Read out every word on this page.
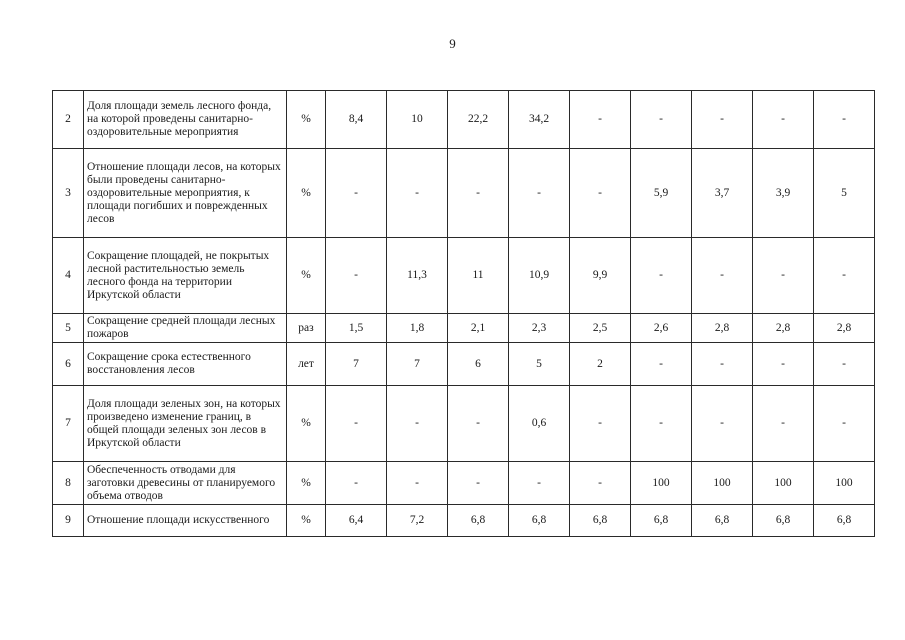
9
2	Доля площади земель лесного фонда, на которой проведены санитарно-оздоровительные мероприятия	%	8,4	10	22,2	34,2	-	-	-	-	-
3	Отношение площади лесов, на которых были проведены санитарно-оздоровительные мероприятия, к площади погибших и поврежденных лесов	%	-	-	-	-	-	5,9	3,7	3,9	5
4	Сокращение площадей, не покрытых лесной растительностью земель лесного фонда на территории Иркутской области	%	-	11,3	11	10,9	9,9	-	-	-	-
5	Сокращение средней площади лесных пожаров	раз	1,5	1,8	2,1	2,3	2,5	2,6	2,8	2,8	2,8
6	Сокращение срока естественного восстановления лесов	лет	7	7	6	5	2	-	-	-	-
7	Доля площади зеленых зон, на которых произведено изменение границ, в общей площади зеленых зон лесов в Иркутской области	%	-	-	-	0,6	-	-	-	-	-
8	Обеспеченность отводами для заготовки древесины от планируемого объема отводов	%	-	-	-	-	-	100	100	100	100
9	Отношение площади искусственного	%	6,4	7,2	6,8	6,8	6,8	6,8	6,8	6,8	6,8
